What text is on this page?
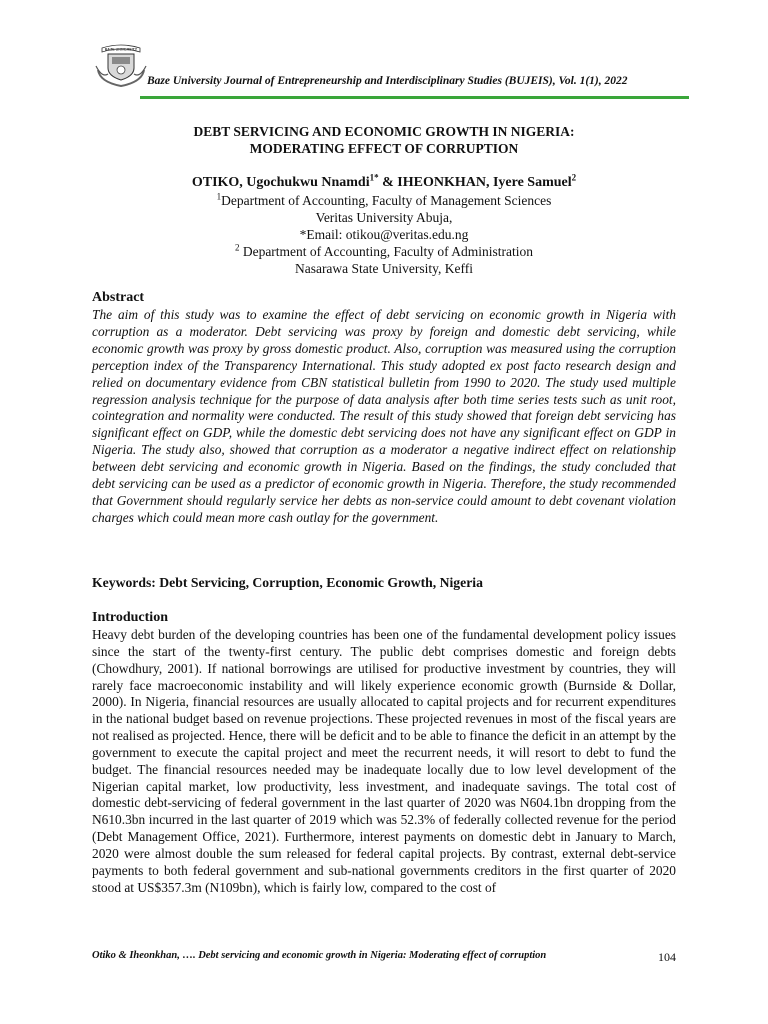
BAZE UNIVERSITY
Baze University Journal of Entrepreneurship and Interdisciplinary Studies (BUJEIS), Vol. 1(1), 2022

DEBT SERVICING AND ECONOMIC GROWTH IN NIGERIA:
MODERATING EFFECT OF CORRUPTION

OTIKO, Ugochukwu Nnamdi$^{1*}$ & IHEONKHAN, Iyere Samuel$^2$
$^1$Department of Accounting, Faculty of Management Sciences
Veritas University Abuja,
*Email: otikou@veritas.edu.ng
$^2$ Department of Accounting, Faculty of Administration
Nasarawa State University, Keffi
Abstract

The aim of this study was to examine the effect of debt servicing on economic growth in Nigeria with corruption as a moderator. Debt servicing was proxy by foreign and domestic debt servicing, while economic growth was proxy by gross domestic product. Also, corruption was measured using the corruption perception index of the Transparency International. This study adopted ex post facto research design and relied on documentary evidence from CBN statistical bulletin from 1990 to 2020. The study used multiple regression analysis technique for the purpose of data analysis after both time series tests such as unit root, cointegration and normality were conducted. The result of this study showed that foreign debt servicing has significant effect on GDP, while the domestic debt servicing does not have any significant effect on GDP in Nigeria. The study also, showed that corruption as a moderator a negative indirect effect on relationship between debt servicing and economic growth in Nigeria. Based on the findings, the study concluded that debt servicing can be used as a predictor of economic growth in Nigeria. Therefore, the study recommended that Government should regularly service her debts as non-service could amount to debt covenant violation charges which could mean more cash outlay for the government.

Keywords: Debt Servicing, Corruption, Economic Growth, Nigeria
Introduction

Heavy debt burden of the developing countries has been one of the fundamental development policy issues since the start of the twenty-first century. The public debt comprises domestic and foreign debts (Chowdhury, 2001). If national borrowings are utilised for productive investment by countries, they will rarely face macroeconomic instability and will likely experience economic growth (Burnside & Dollar, 2000). In Nigeria, financial resources are usually allocated to capital projects and for recurrent expenditures in the national budget based on revenue projections. These projected revenues in most of the fiscal years are not realised as projected. Hence, there will be deficit and to be able to finance the deficit in an attempt by the government to execute the capital project and meet the recurrent needs, it will resort to debt to fund the budget. The financial resources needed may be inadequate locally due to low level development of the Nigerian capital market, low productivity, less investment, and inadequate savings. The total cost of domestic debt-servicing of federal government in the last quarter of 2020 was N604.1bn dropping from the N610.3bn incurred in the last quarter of 2019 which was 52.3% of federally collected revenue for the period (Debt Management Office, 2021). Furthermore, interest payments on domestic debt in January to March, 2020 were almost double the sum released for federal capital projects. By contrast, external debt-service payments to both federal government and sub-national governments creditors in the first quarter of 2020 stood at US$357.3m (N109bn), which is fairly low, compared to the cost of

Otiko & Iheonkhan, …. Debt servicing and economic growth in Nigeria: Moderating effect of corruption	104
